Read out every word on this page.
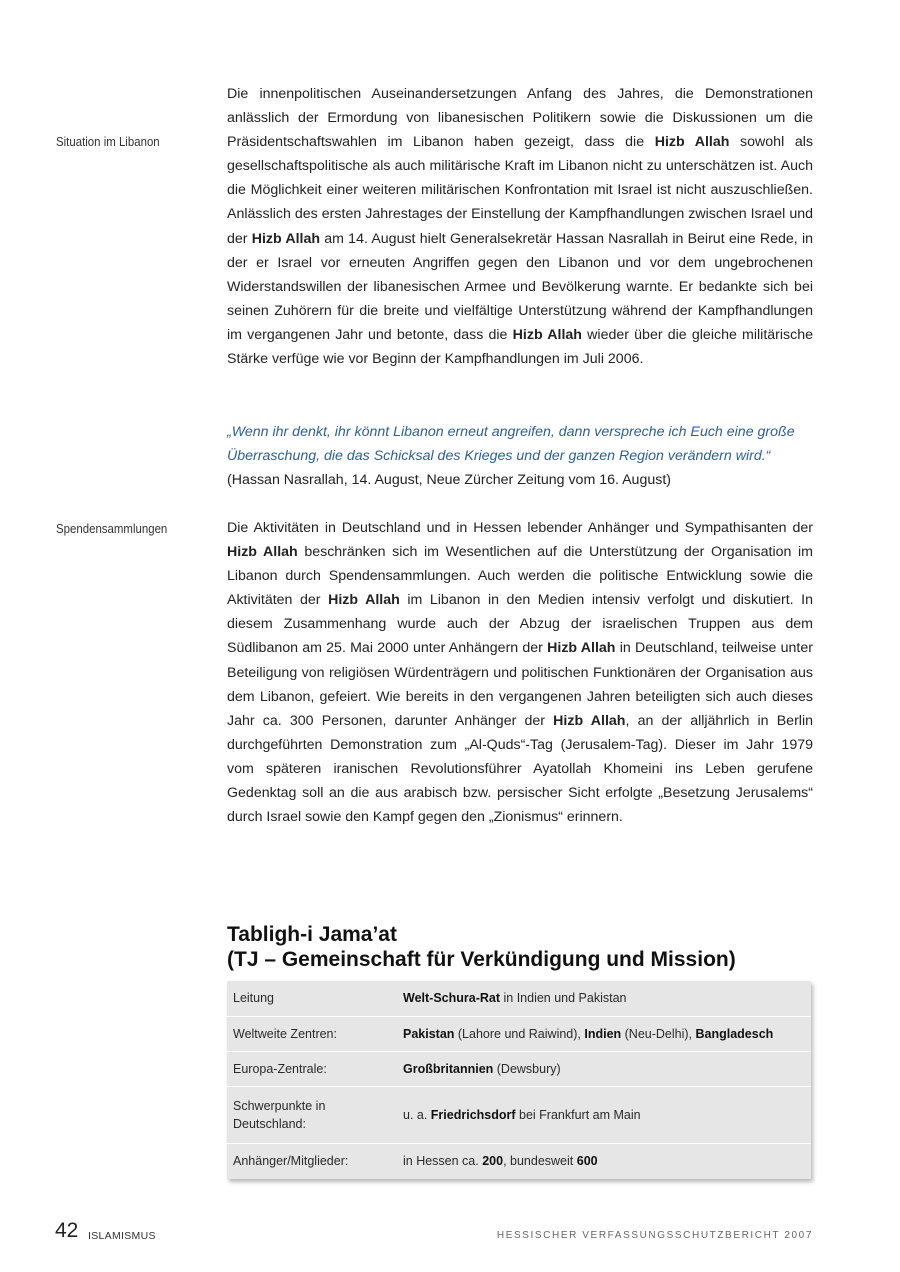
Situation im Libanon

Die innenpolitischen Auseinandersetzungen Anfang des Jahres, die Demonstrationen anlässlich der Ermordung von libanesischen Politikern sowie die Diskussionen um die Präsidentschaftswahlen im Libanon haben gezeigt, dass die Hizb Allah sowohl als gesellschaftspolitische als auch militärische Kraft im Libanon nicht zu unterschätzen ist. Auch die Möglichkeit einer weiteren militärischen Konfrontation mit Israel ist nicht auszuschließen. Anlässlich des ersten Jahrestages der Einstellung der Kampfhandlungen zwischen Israel und der Hizb Allah am 14. August hielt Generalsekretär Hassan Nasrallah in Beirut eine Rede, in der er Israel vor erneuten Angriffen gegen den Libanon und vor dem ungebrochenen Widerstandswillen der libanesischen Armee und Bevölkerung warnte. Er bedankte sich bei seinen Zuhörern für die breite und vielfältige Unterstützung während der Kampfhandlungen im vergangenen Jahr und betonte, dass die Hizb Allah wieder über die gleiche militärische Stärke verfüge wie vor Beginn der Kampfhandlungen im Juli 2006.

„Wenn ihr denkt, ihr könnt Libanon erneut angreifen, dann verspreche ich Euch eine große Überraschung, die das Schicksal des Krieges und der ganzen Region verändern wird.“

(Hassan Nasrallah, 14. August, Neue Zürcher Zeitung vom 16. August)

Spendensammlungen	Die Aktivitäten in Deutschland und in Hessen lebender Anhänger und Sympathisanten der Hizb Allah beschränken sich im Wesentlichen auf die Unterstützung der Organisation im Libanon durch Spendensammlungen. Auch werden die politische Entwicklung sowie die Aktivitäten der Hizb Allah im Libanon in den Medien intensiv verfolgt und diskutiert. In diesem Zusammenhang wurde auch der Abzug der israelischen Truppen aus dem Südlibanon am 25. Mai 2000 unter Anhängern der Hizb Allah in Deutschland, teilweise unter Beteiligung von religiösen Würdenträgern und politischen Funktionären der Organisation aus dem Libanon, gefeiert. Wie bereits in den vergangenen Jahren beteiligten sich auch dieses Jahr ca. 300 Personen, darunter Anhänger der Hizb Allah, an der alljährlich in Berlin durchgeführten Demonstration zum „Al-Quds“-Tag (Jerusalem-Tag). Dieser im Jahr 1979 vom späteren iranischen Revolutionsführer Ayatollah Khomeini ins Leben gerufene Gedenktag soll an die aus arabisch bzw. persischer Sicht erfolgte „Besetzung Jerusalems“ durch Israel sowie den Kampf gegen den „Zionismus“ erinnern.

Tabligh-i Jama’at
(TJ – Gemeinschaft für Verkündigung und Mission)
Leitung	Welt-Schura-Rat in Indien und Pakistan
Weltweite Zentren:	Pakistan (Lahore und Raiwind), Indien (Neu-Delhi), Bangladesch
Europa-Zentrale:	Großbritannien (Dewsbury)
Schwerpunkte in Deutschland:	u. a. Friedrichsdorf bei Frankfurt am Main
Anhänger/Mitglieder:	in Hessen ca. 200, bundesweit 600
42 ISLAMISMUS	HESSISCHER VERFASSUNGSSCHUTZBERICHT 2007
